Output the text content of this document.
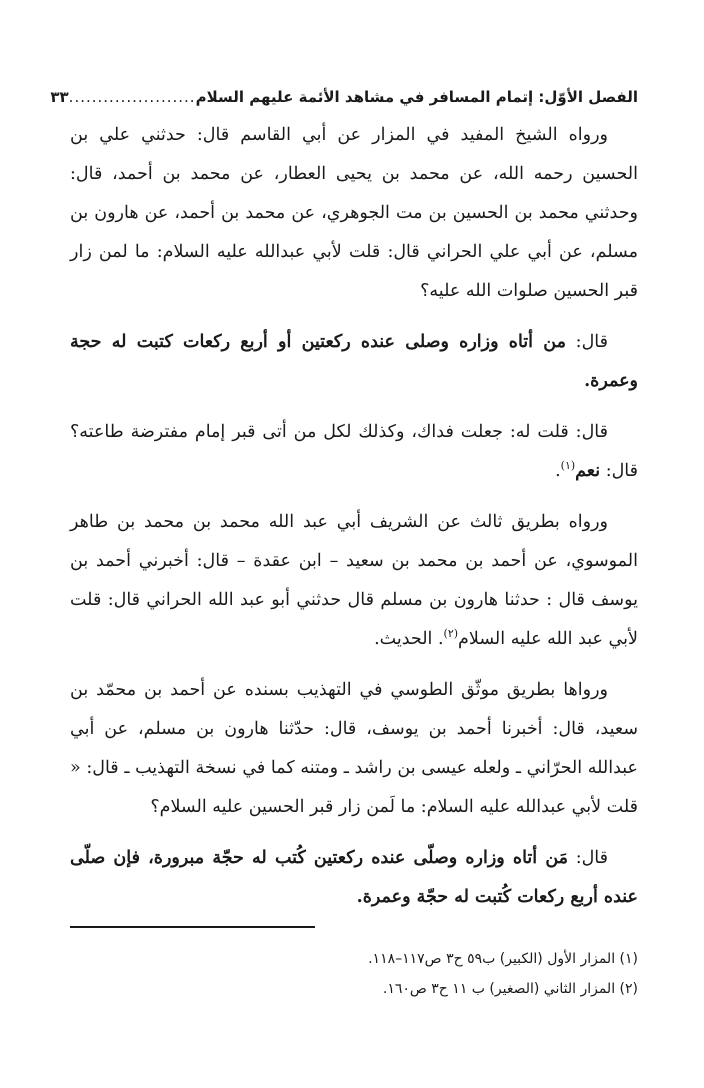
الفصل الأوّل: إتمام المسافر في مشاهد الأئمة عليهم السلام
......................
٣٣

ورواه الشيخ المفيد في المزار عن أبي القاسم قال: حدثني علي بن الحسين رحمه الله، عن محمد بن يحيى العطار، عن محمد بن أحمد، قال: وحدثني محمد بن الحسين بن مت الجوهري، عن محمد بن أحمد، عن هارون بن مسلم، عن أبي علي الحراني قال: قلت لأبي عبدالله عليه السلام: ما لمن زار قبر الحسين صلوات الله عليه؟

قال: من أتاه وزاره وصلى عنده ركعتين أو أربع ركعات كتبت له حجة وعمرة.

قال: قلت له: جعلت فداك، وكذلك لكل من أتى قبر إمام مفترضة طاعته؟ قال: نعم$^{(١)}$.

ورواه بطريق ثالث عن الشريف أبي عبد الله محمد بن محمد بن طاهر الموسوي، عن أحمد بن محمد بن سعيد – ابن عقدة – قال: أخبرني أحمد بن يوسف قال : حدثنا هارون بن مسلم قال حدثني أبو عبد الله الحراني قال: قلت لأبي عبد الله عليه السلام$^{(٢)}$. الحديث.

ورواها بطريق موثّق الطوسي في التهذيب بسنده عن أحمد بن محمّد بن سعيد، قال: أخبرنا أحمد بن يوسف، قال: حدّثنا هارون بن مسلم، عن أبي عبدالله الحرّاني ـ ولعله عيسى بن راشد ـ ومتنه كما في نسخة التهذيب ـ قال: « قلت لأبي عبدالله عليه السلام: ما لَمن زار قبر الحسين عليه السلام؟

قال: مَن أتاه وزاره وصلّى عنده ركعتين كُتب له حجّة مبرورة، فإن صلّى عنده أربع ركعات كُتبت له حجّة وعمرة.

(١) المزار الأول (الكبير) ب٥٩ ح٣ ص١١٧–١١٨.
(٢) المزار الثاني (الصغير) ب ١١ ح٣ ص١٦٠.
